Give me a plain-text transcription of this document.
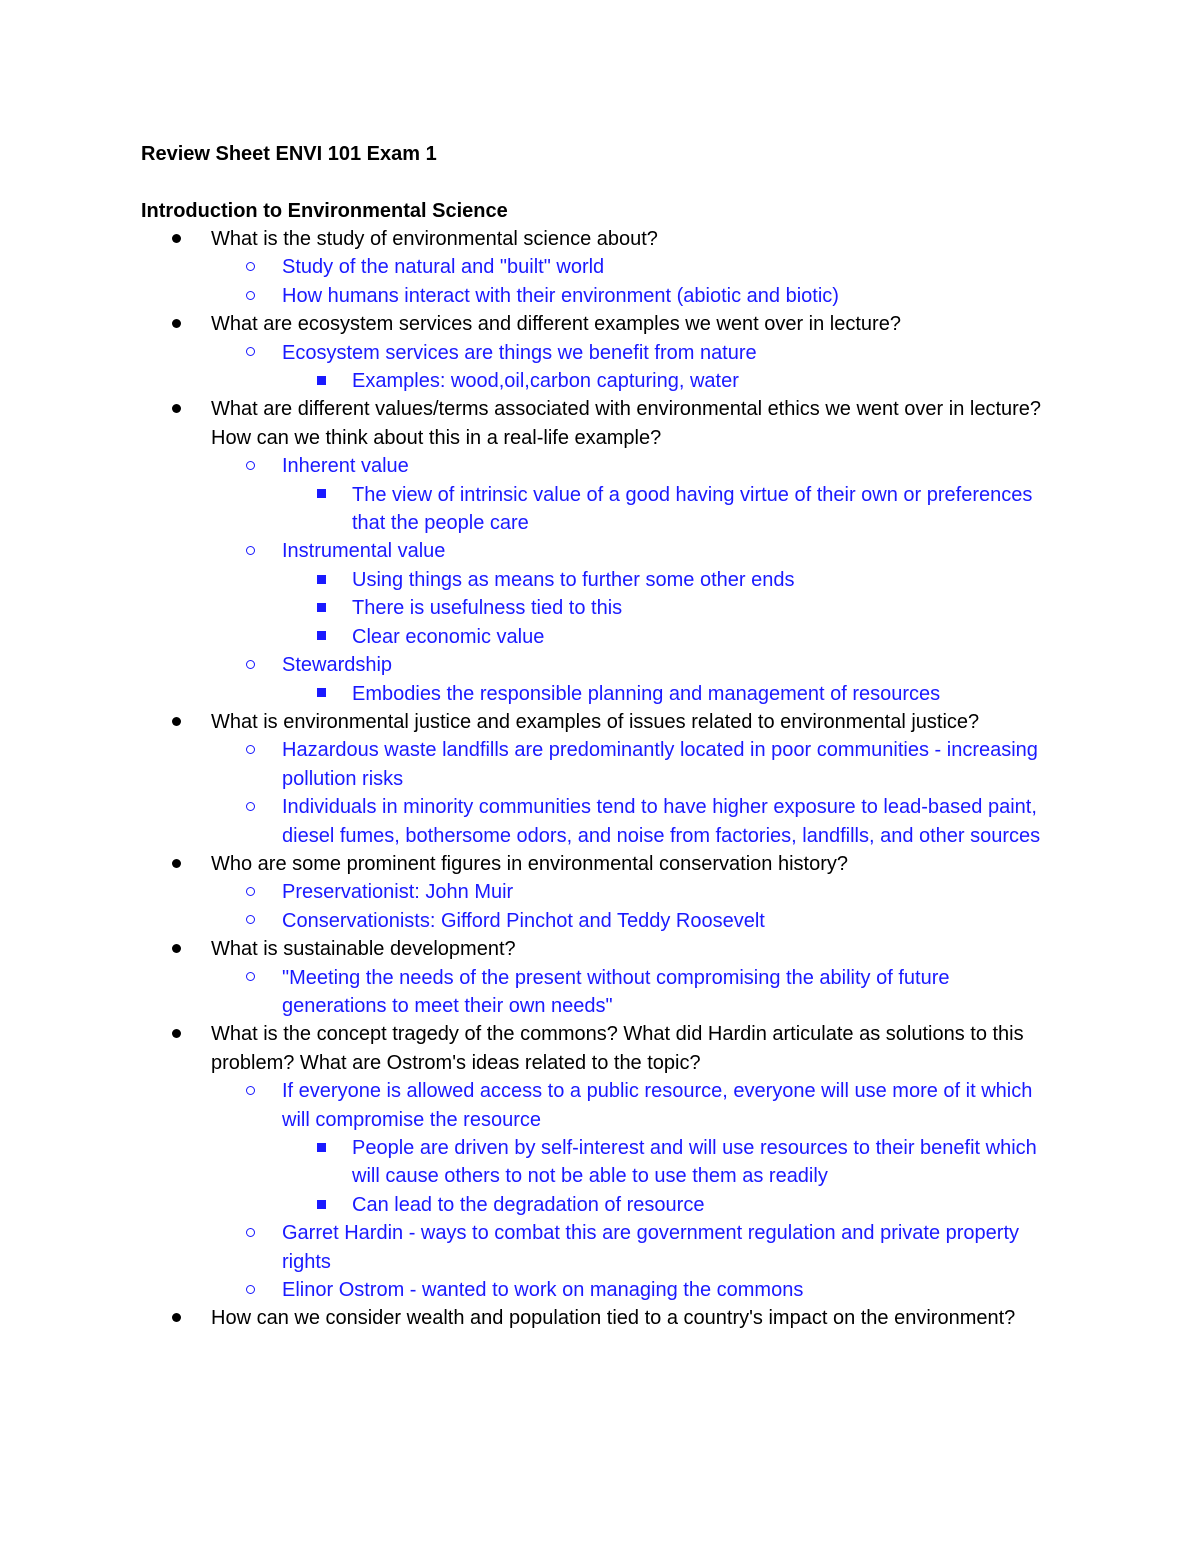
Review Sheet ENVI 101 Exam 1
Introduction to Environmental Science
What is the study of environmental science about?
Study of the natural and "built" world
How humans interact with their environment (abiotic and biotic)
What are ecosystem services and different examples we went over in lecture?
Ecosystem services are things we benefit from nature
Examples: wood,oil,carbon capturing, water
What are different values/terms associated with environmental ethics we went over in lecture? How can we think about this in a real-life example?
Inherent value
The view of intrinsic value of a good having virtue of their own or preferences that the people care
Instrumental value
Using things as means to further some other ends
There is usefulness tied to this
Clear economic value
Stewardship
Embodies the responsible planning and management of resources
What is environmental justice and examples of issues related to environmental justice?
Hazardous waste landfills are predominantly located in poor communities - increasing pollution risks
Individuals in minority communities tend to have higher exposure to lead-based paint, diesel fumes, bothersome odors, and noise from factories, landfills, and other sources
Who are some prominent figures in environmental conservation history?
Preservationist: John Muir
Conservationists: Gifford Pinchot and Teddy Roosevelt
What is sustainable development?
"Meeting the needs of the present without compromising the ability of future generations to meet their own needs"
What is the concept tragedy of the commons? What did Hardin articulate as solutions to this problem? What are Ostrom's ideas related to the topic?
If everyone is allowed access to a public resource, everyone will use more of it which will compromise the resource
People are driven by self-interest and will use resources to their benefit which will cause others to not be able to use them as readily
Can lead to the degradation of resource
Garret Hardin - ways to combat this are government regulation and private property rights
Elinor Ostrom - wanted to work on managing the commons
How can we consider wealth and population tied to a country's impact on the environment?
